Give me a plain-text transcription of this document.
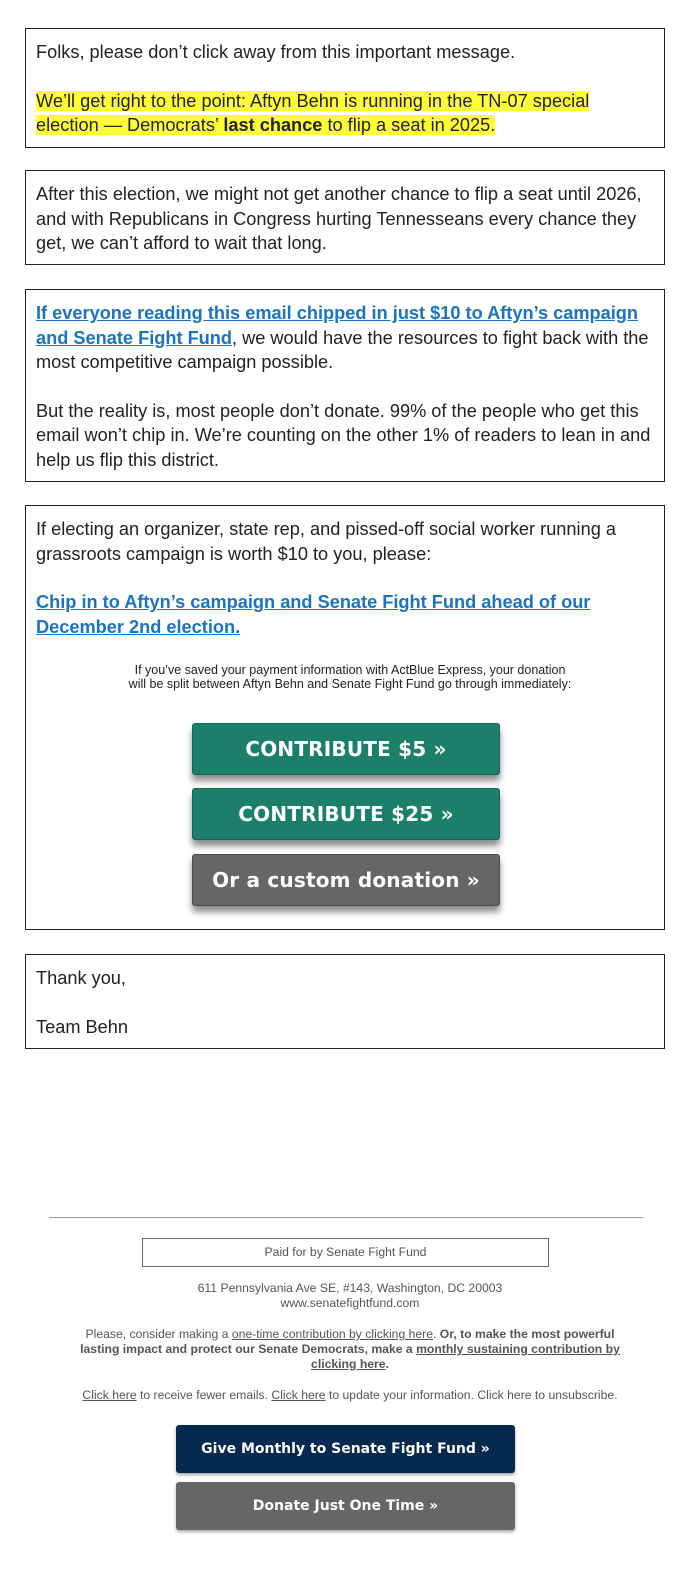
Folks, please don’t click away from this important message.

We’ll get right to the point: Aftyn Behn is running in the TN-07 special election — Democrats’ last chance to flip a seat in 2025.

After this election, we might not get another chance to flip a seat until 2026, and with Republicans in Congress hurting Tennesseans every chance they get, we can’t afford to wait that long.

If everyone reading this email chipped in just $10 to Aftyn’s campaign and Senate Fight Fund, we would have the resources to fight back with the most competitive campaign possible.

But the reality is, most people don’t donate. 99% of the people who get this email won’t chip in. We’re counting on the other 1% of readers to lean in and help us flip this district.

If electing an organizer, state rep, and pissed-off social worker running a grassroots campaign is worth $10 to you, please:

Chip in to Aftyn’s campaign and Senate Fight Fund ahead of our December 2nd election.

If you’ve saved your payment information with ActBlue Express, your donation will be split between Aftyn Behn and Senate Fight Fund go through immediately:

CONTRIBUTE $5 »
CONTRIBUTE $25 »
Or a custom donation »

Thank you,

Team Behn

Paid for by Senate Fight Fund
611 Pennsylvania Ave SE, #143, Washington, DC 20003
www.senatefightfund.com
Please, consider making a one-time contribution by clicking here. Or, to make the most powerful lasting impact and protect our Senate Democrats, make a monthly sustaining contribution by clicking here.
Click here to receive fewer emails. Click here to update your information. Click here to unsubscribe.
Give Monthly to Senate Fight Fund »
Donate Just One Time »
